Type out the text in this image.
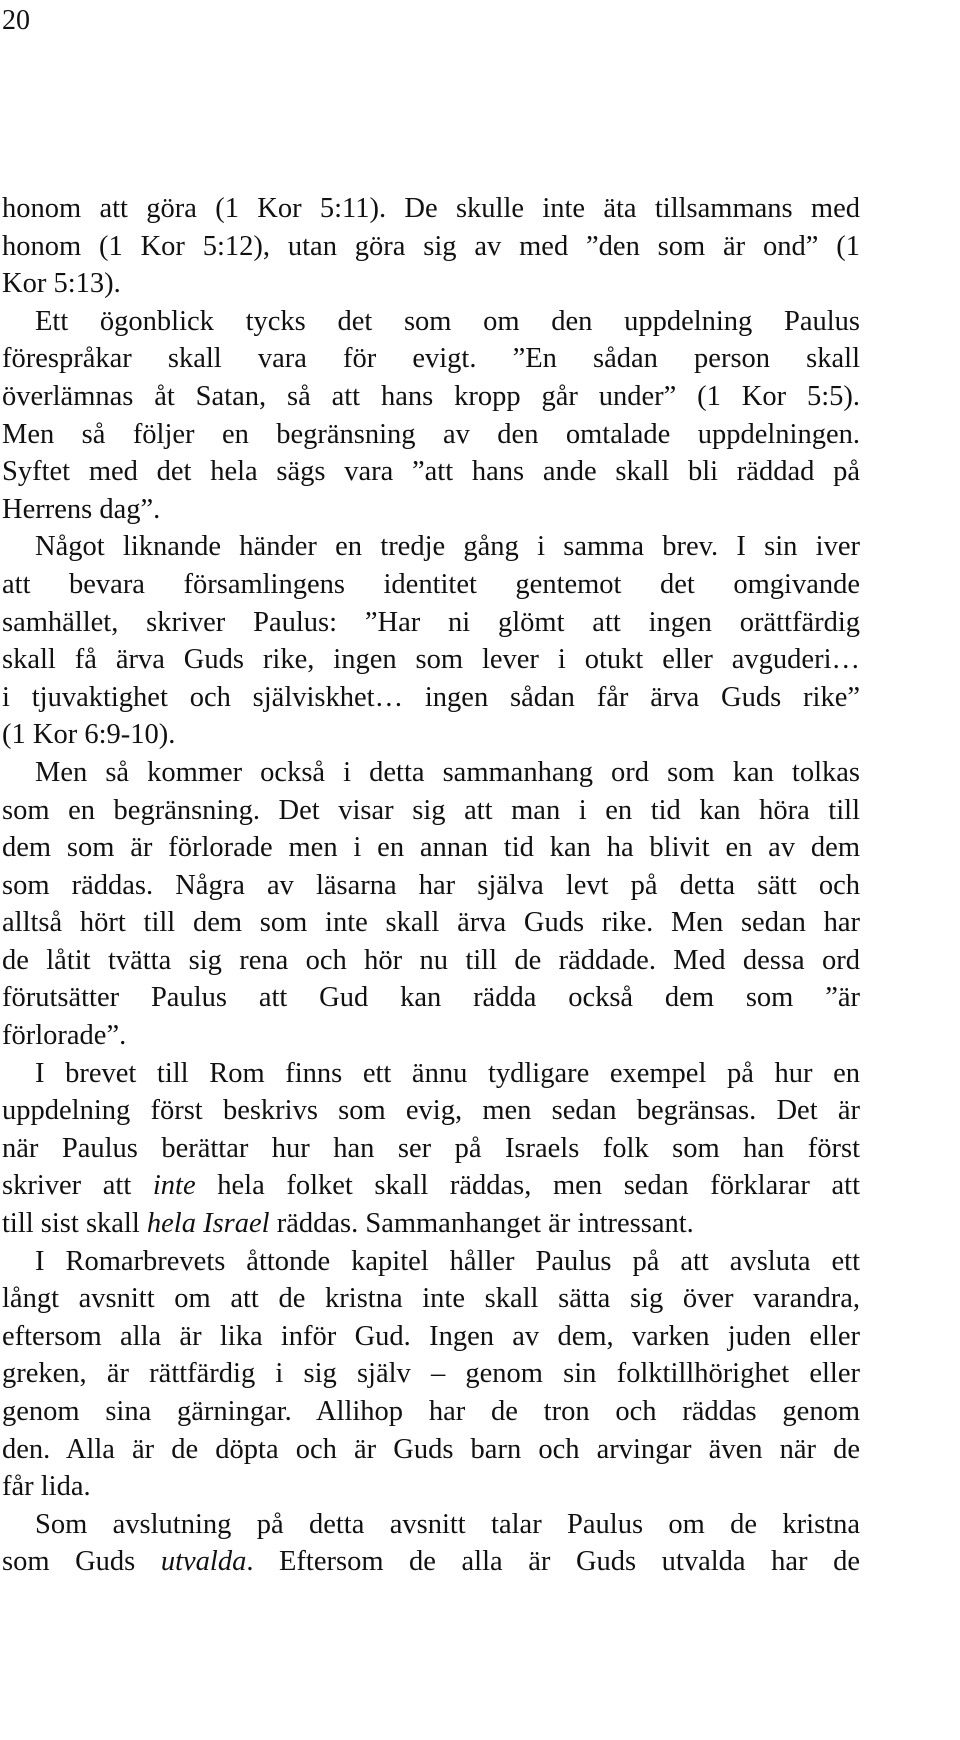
20
honom att göra (1 Kor 5:11). De skulle inte äta tillsammans med
honom (1 Kor 5:12), utan göra sig av med ”den som är ond” (1
Kor 5:13).
Ett ögonblick tycks det som om den uppdelning Paulus
förespråkar skall vara för evigt. ”En sådan person skall
överlämnas åt Satan, så att hans kropp går under” (1 Kor 5:5).
Men så följer en begränsning av den omtalade uppdelningen.
Syftet med det hela sägs vara ”att hans ande skall bli räddad på
Herrens dag”.
Något liknande händer en tredje gång i samma brev. I sin iver
att bevara församlingens identitet gentemot det omgivande
samhället, skriver Paulus: ”Har ni glömt att ingen orättfärdig
skall få ärva Guds rike, ingen som lever i otukt eller avguderi…
i tjuvaktighet och själviskhet… ingen sådan får ärva Guds rike”
(1 Kor 6:9-10).
Men så kommer också i detta sammanhang ord som kan tolkas
som en begränsning. Det visar sig att man i en tid kan höra till
dem som är förlorade men i en annan tid kan ha blivit en av dem
som räddas. Några av läsarna har själva levt på detta sätt och
alltså hört till dem som inte skall ärva Guds rike. Men sedan har
de låtit tvätta sig rena och hör nu till de räddade. Med dessa ord
förutsätter Paulus att Gud kan rädda också dem som ”är
förlorade”.
I brevet till Rom finns ett ännu tydligare exempel på hur en
uppdelning först beskrivs som evig, men sedan begränsas. Det är
när Paulus berättar hur han ser på Israels folk som han först
skriver att inte hela folket skall räddas, men sedan förklarar att
till sist skall hela Israel räddas. Sammanhanget är intressant.
I Romarbrevets åttonde kapitel håller Paulus på att avsluta ett
långt avsnitt om att de kristna inte skall sätta sig över varandra,
eftersom alla är lika inför Gud. Ingen av dem, varken juden eller
greken, är rättfärdig i sig själv – genom sin folktillhörighet eller
genom sina gärningar. Allihop har de tron och räddas genom
den. Alla är de döpta och är Guds barn och arvingar även när de
får lida.
Som avslutning på detta avsnitt talar Paulus om de kristna
som Guds utvalda. Eftersom de alla är Guds utvalda har de
